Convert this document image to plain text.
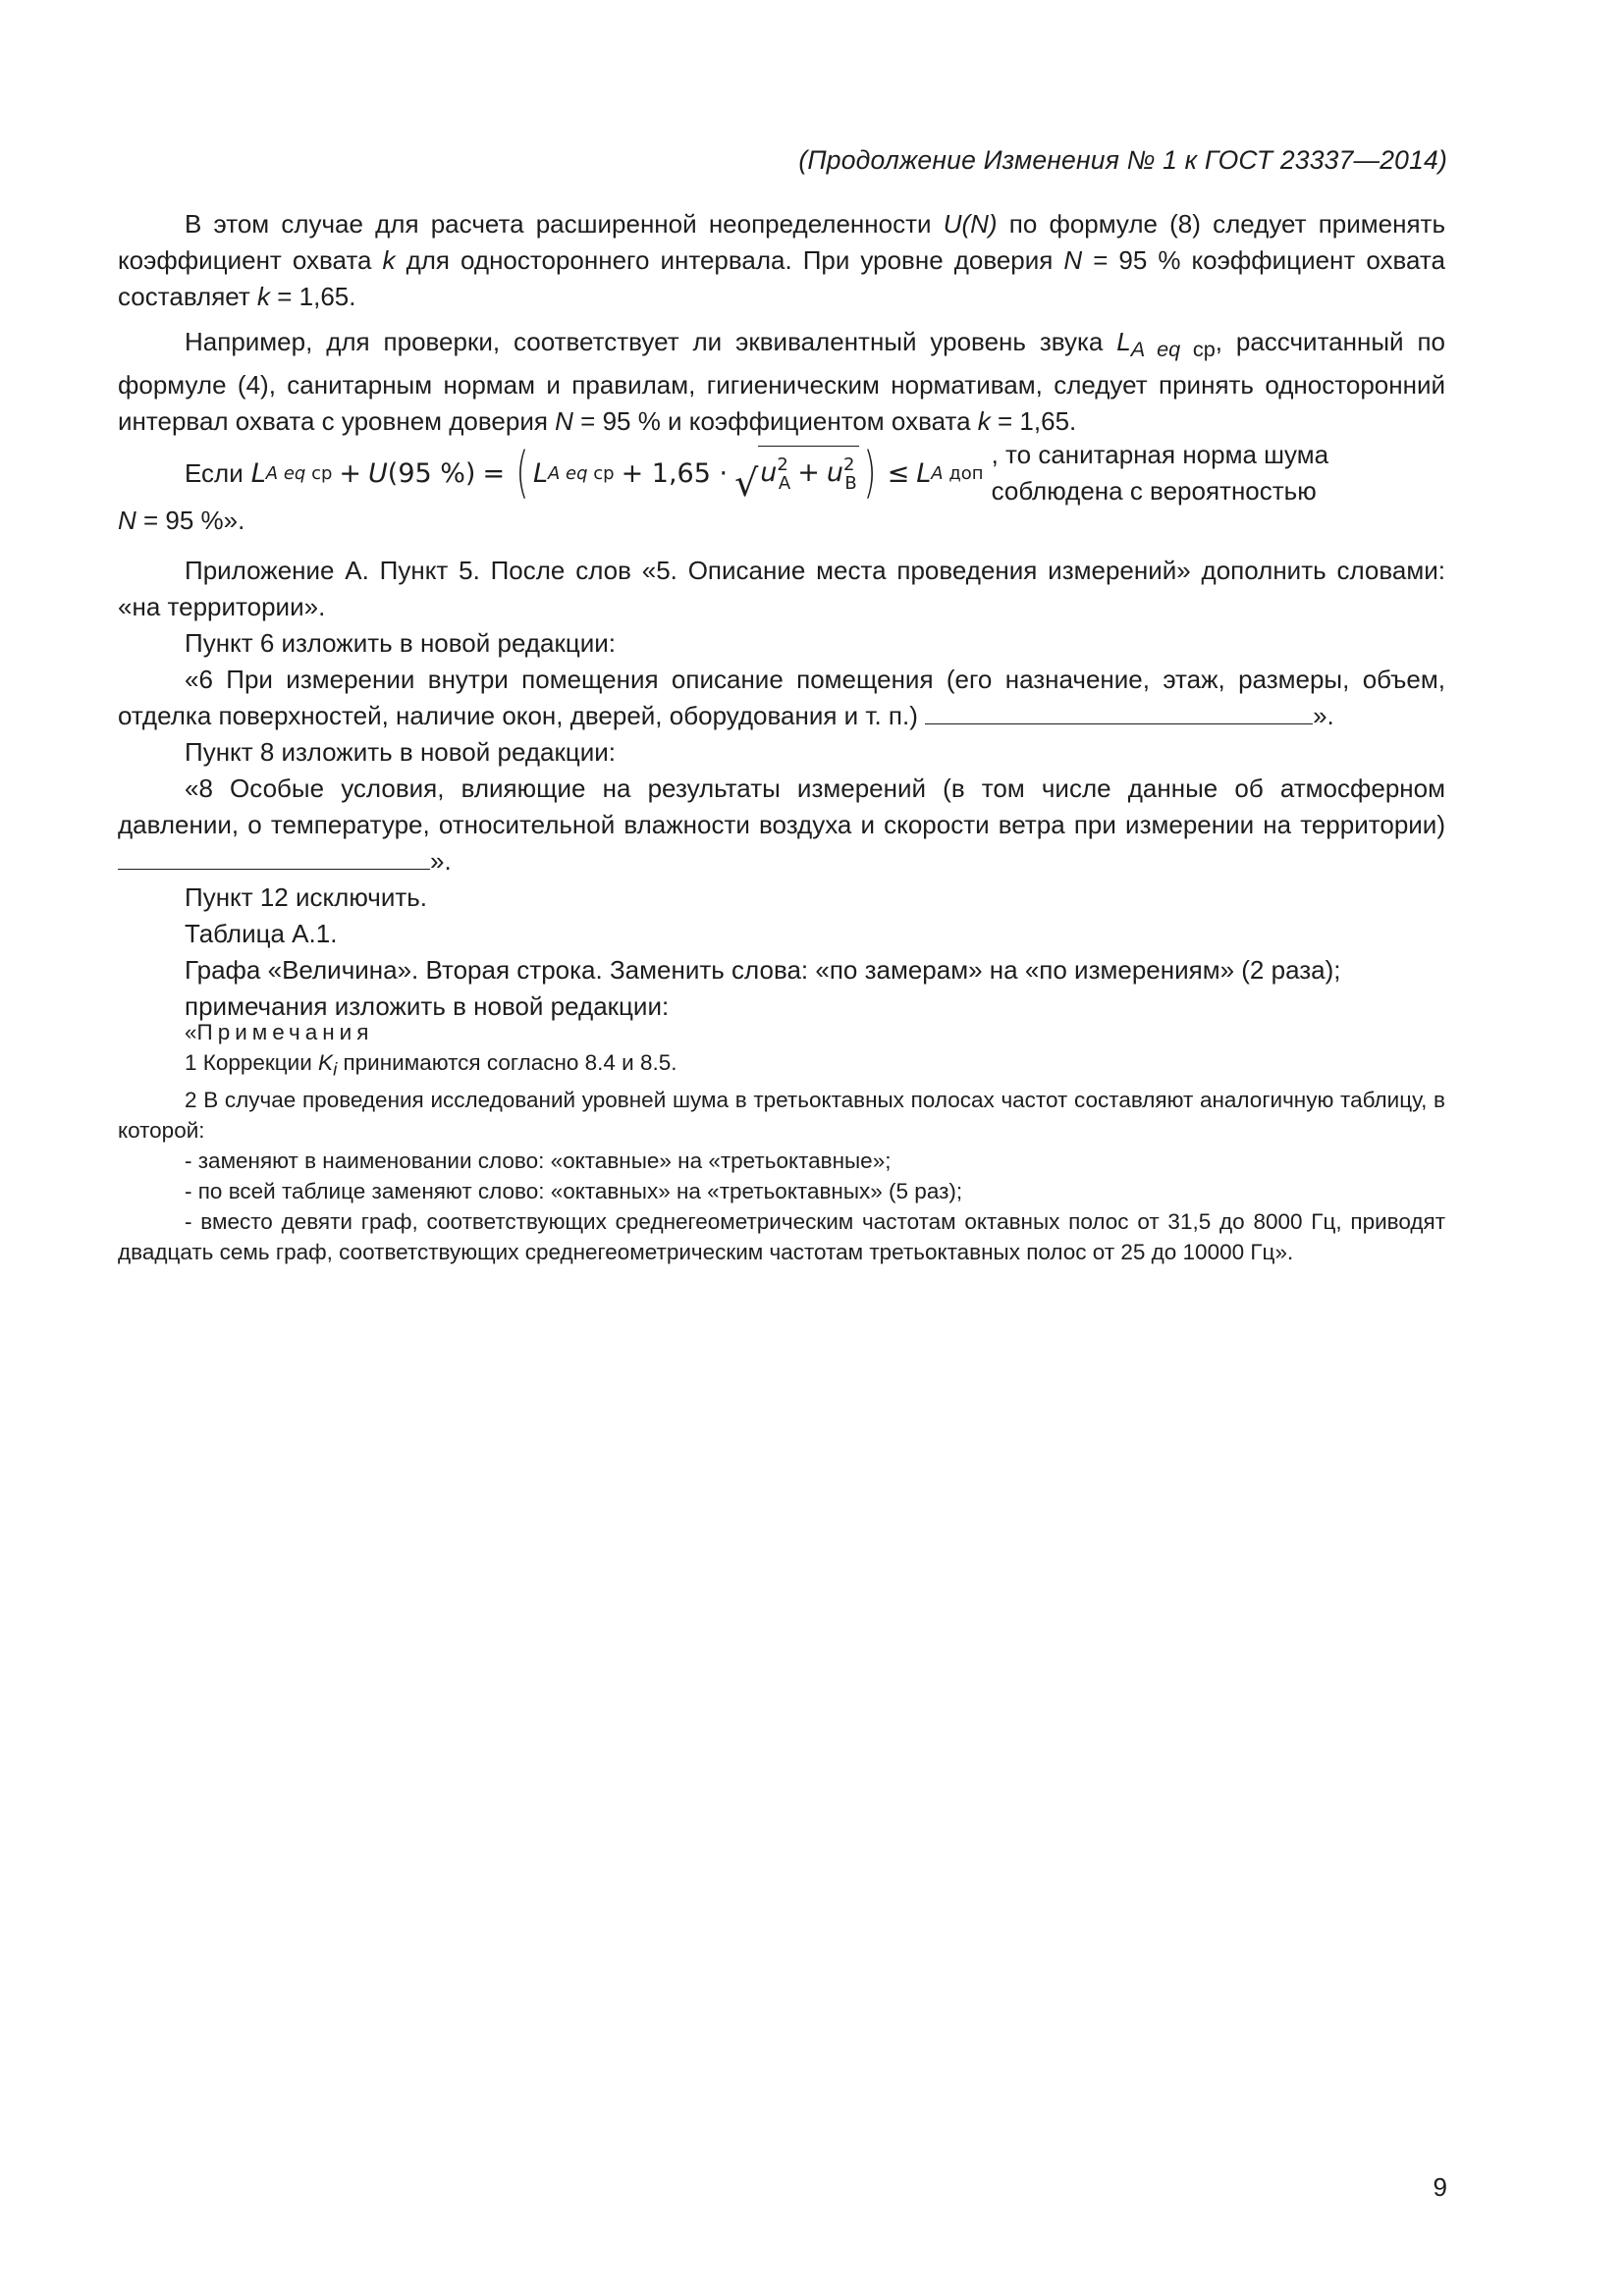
(Продолжение Изменения № 1 к ГОСТ 23337—2014)

В этом случае для расчета расширенной неопределенности U(N) по формуле (8) следует применять коэффициент охвата k для одностороннего интервала. При уровне доверия N = 95 % коэффициент охвата составляет k = 1,65.

Например, для проверки, соответствует ли эквивалентный уровень звука $L_{A eq ср}$, рассчитанный по формуле (4), санитарным нормам и правилам, гигиеническим нормативам, следует принять односторонний интервал охвата с уровнем доверия N = 95 % и коэффициентом охвата k = 1,65.

Если L A eq ср + U (95 %) = ( L A eq ср + 1,65 · √ $u^2_А + u^2_В$ ) ≤ L A доп
, то санитарная норма шума соблюдена с вероятностью

N = 95 %».

Приложение А. Пункт 5. После слов «5. Описание места проведения измерений» дополнить словами: «на территории».

Пункт 6 изложить в новой редакции:

«6 При измерении внутри помещения описание помещения (его назначение, этаж, размеры, объем, отделка поверхностей, наличие окон, дверей, оборудования и т. п.)	».

Пункт 8 изложить в новой редакции:

«8 Особые условия, влияющие на результаты измерений (в том числе данные об атмосферном давлении, о температуре, относительной влажности воздуха и скорости ветра при измерении на территории) ».

Пункт 12 исключить.

Таблица А.1.

Графа «Величина». Вторая строка. Заменить слова: «по замерам» на «по измерениям» (2 раза);

примечания изложить в новой редакции:

«Примечания

1 Коррекции $K_i$ принимаются согласно 8.4 и 8.5.

2 В случае проведения исследований уровней шума в третьоктавных полосах частот составляют аналогичную таблицу, в которой:

- заменяют в наименовании слово: «октавные» на «третьоктавные»;

- по всей таблице заменяют слово: «октавных» на «третьоктавных» (5 раз);

- вместо девяти граф, соответствующих среднегеометрическим частотам октавных полос от 31,5 до 8000 Гц, приводят двадцать семь граф, соответствующих среднегеометрическим частотам третьоктавных полос от 25 до 10000 Гц».

9
